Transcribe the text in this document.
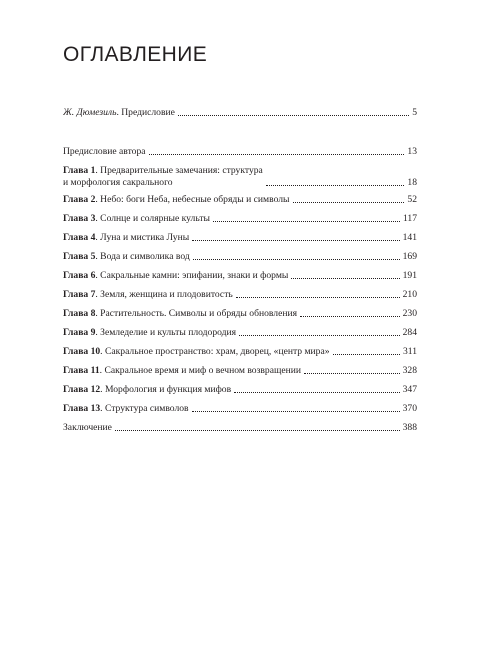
ОГЛАВЛЕНИЕ
Ж. Дюмезиль. Предисловие	5
Предисловие автора	13
Глава 1. Предварительные замечания: структура
и морфология сакрального	18
Глава 2. Небо: боги Неба, небесные обряды и символы	52
Глава 3. Солнце и солярные культы	117
Глава 4. Луна и мистика Луны	141
Глава 5. Вода и символика вод	169
Глава 6. Сакральные камни: эпифании, знаки и формы	191
Глава 7. Земля, женщина и плодовитость	210
Глава 8. Растительность. Символы и обряды обновления	230
Глава 9. Земледелие и культы плодородия	284
Глава 10. Сакральное пространство: храм, дворец, «центр мира»	311
Глава 11. Сакральное время и миф о вечном возвращении	328
Глава 12. Морфология и функция мифов	347
Глава 13. Структура символов	370
Заключение	388
